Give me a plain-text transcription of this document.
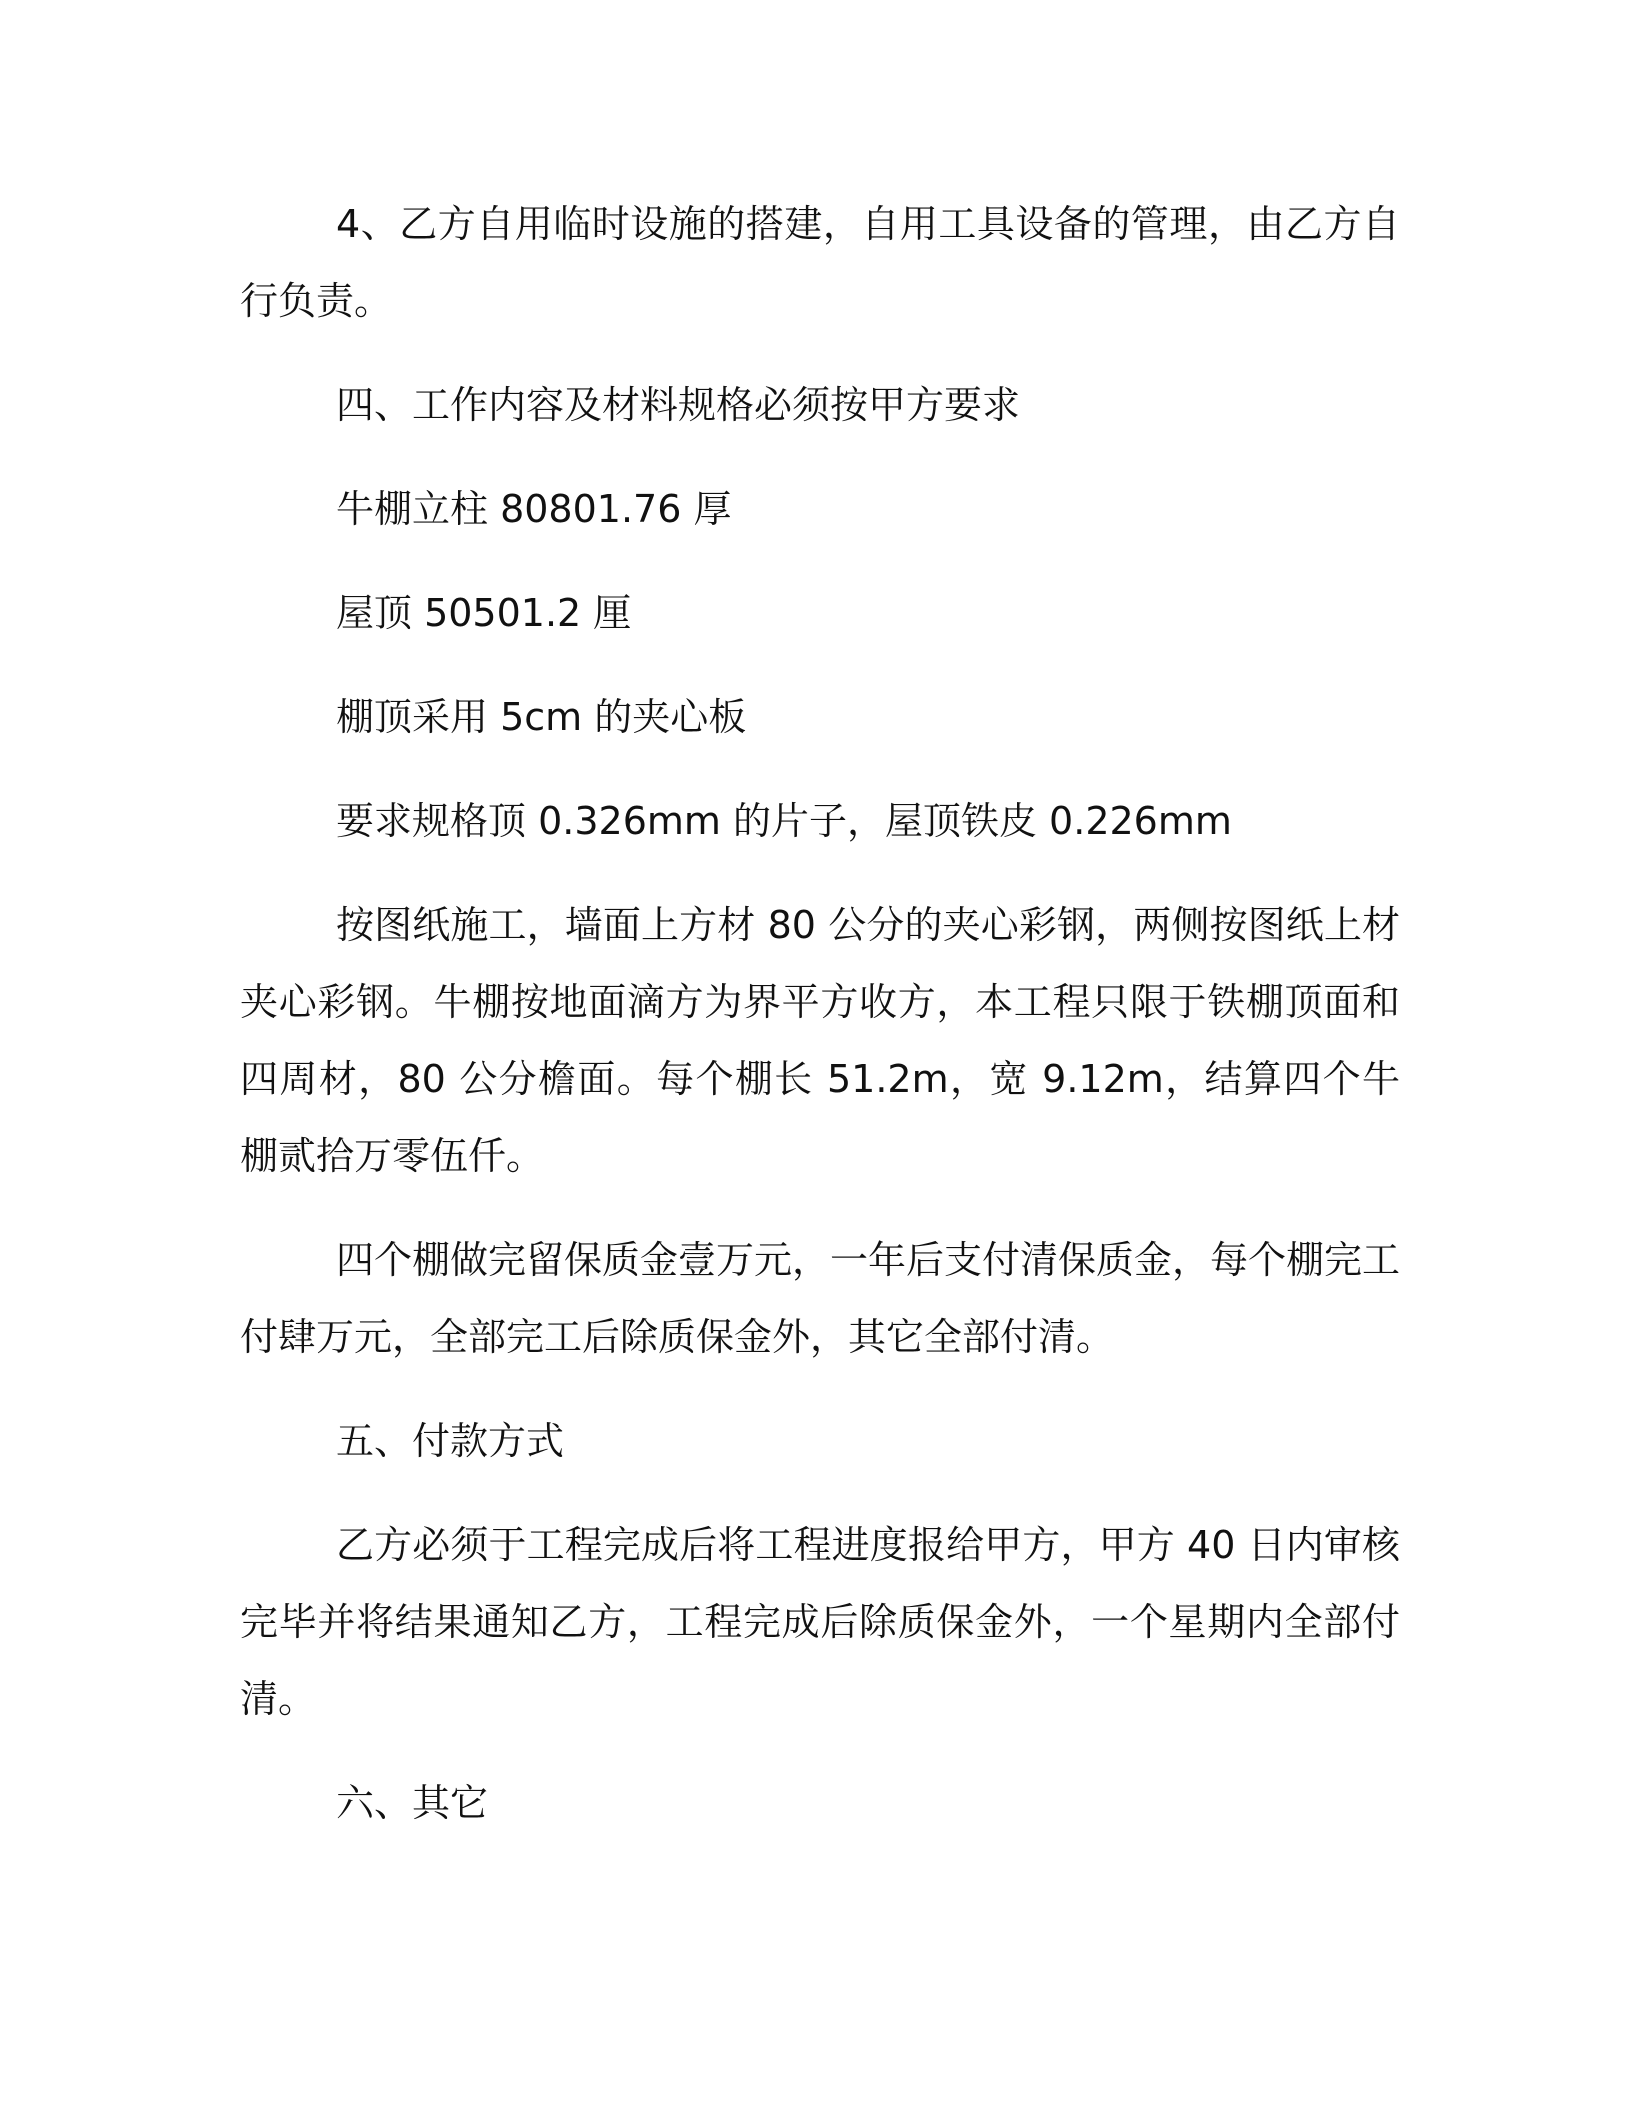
4、乙方自用临时设施的搭建，自用工具设备的管理，由乙方自行负责。

四、工作内容及材料规格必须按甲方要求

牛棚立柱 80801.76 厚

屋顶 50501.2 厘

棚顶采用 5cm 的夹心板

要求规格顶 0.326mm 的片子，屋顶铁皮 0.226mm

按图纸施工，墙面上方材 80 公分的夹心彩钢，两侧按图纸上材夹心彩钢。牛棚按地面滴方为界平方收方，本工程只限于铁棚顶面和四周材，80 公分檐面。每个棚长 51.2m，宽 9.12m，结算四个牛棚贰拾万零伍仟。

四个棚做完留保质金壹万元，一年后支付清保质金，每个棚完工付肆万元，全部完工后除质保金外，其它全部付清。

五、付款方式

乙方必须于工程完成后将工程进度报给甲方，甲方 40 日内审核完毕并将结果通知乙方，工程完成后除质保金外，一个星期内全部付清。

六、其它
